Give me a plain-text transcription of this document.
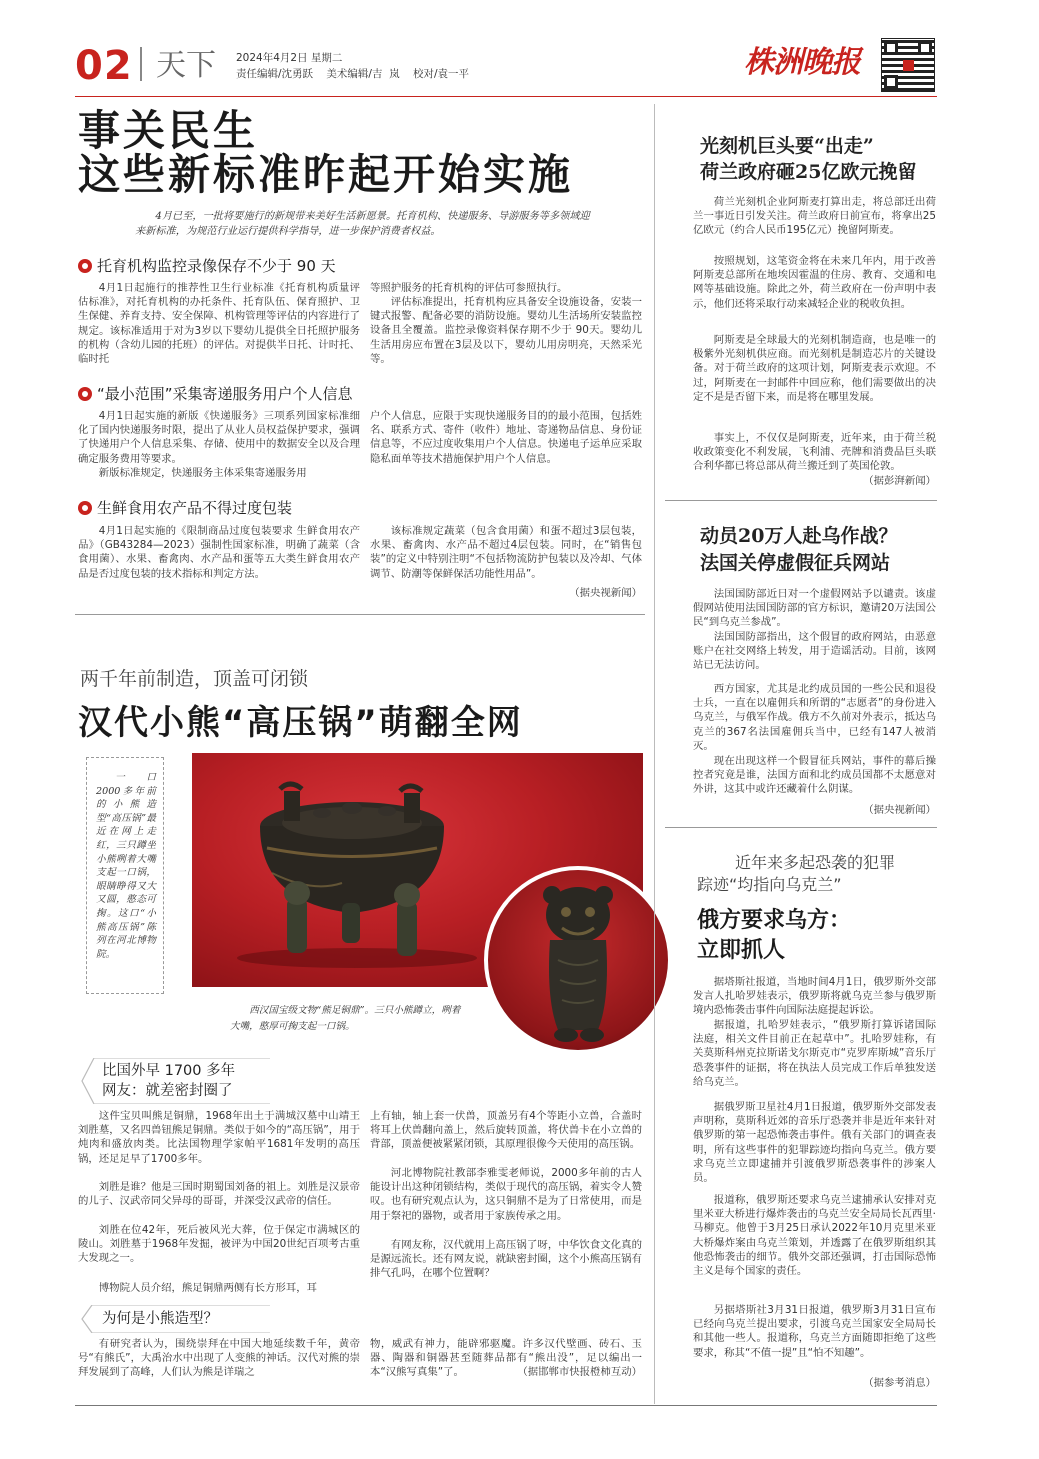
02 天下 2024年4月2日 星期二
责任编辑/沈勇跃    美术编辑/吉  岚    校对/袁一平	株洲晚报
事关民生
这些新标准昨起开始实施
4月已至，一批将要施行的新规带来美好生活新愿景。托育机构、快递服务、导游服务等多领域迎来新标准，为规范行业运行提供科学指导，进一步保护消费者权益。
托育机构监控录像保存不少于 90 天
4月1日起施行的推荐性卫生行业标准《托育机构质量评估标准》，对托育机构的办托条件、托育队伍、保育照护、卫生保健、养育支持、安全保障、机构管理等评估的内容进行了规定。该标准适用于对为3岁以下婴幼儿提供全日托照护服务的机构（含幼儿园的托班）的评估。对提供半日托、计时托、临时托
等照护服务的托育机构的评估可参照执行。
评估标准提出，托育机构应具备安全设施设备，安装一键式报警、配备必要的消防设施。婴幼儿生活场所安装监控设备且全覆盖。监控录像资料保存期不少于 90天。婴幼儿生活用房应布置在3层及以下，婴幼儿用房明亮，天然采光等。
“最小范围”采集寄递服务用户个人信息
4月1日起实施的新版《快递服务》三项系列国家标准细化了国内快递服务时限，提出了从业人员权益保护要求，强调了快递用户个人信息采集、存储、使用中的数据安全以及合理确定服务费用等要求。
新版标准规定，快递服务主体采集寄递服务用
户个人信息，应限于实现快递服务目的的最小范围，包括姓名、联系方式、寄件（收件）地址、寄递物品信息、身份证信息等，不应过度收集用户个人信息。快递电子运单应采取隐私面单等技术措施保护用户个人信息。
生鲜食用农产品不得过度包装
4月1日起实施的《限制商品过度包装要求 生鲜食用农产品》（GB43284—2023）强制性国家标准，明确了蔬菜（含食用菌）、水果、畜禽肉、水产品和蛋等五大类生鲜食用农产品是否过度包装的技术指标和判定方法。
该标准规定蔬菜（包含食用菌）和蛋不超过3层包装，水果、畜禽肉、水产品不超过4层包装。同时，在“销售包装”的定义中特别注明“不包括物流防护包装以及冷却、气体调节、防潮等保鲜保活功能性用品”。
（据央视新闻）
两千年前制造，顶盖可闭锁
汉代小熊“高压锅”萌翻全网
一口2000多年前的小熊造型“高压锅”最近在网上走红，三只蹲坐小熊咧着大嘴支起一口锅，眼睛睁得又大又圆，憨态可掬。这口“小熊高压锅”陈列在河北博物院。
西汉国宝级文物“熊足铜鼎”。三只小熊蹲立，咧着大嘴，憨厚可掬支起一口锅。
比国外早 1700 多年
网友：就差密封圈了
这件宝贝叫熊足铜鼎，1968年出土于满城汉墓中山靖王刘胜墓，又名四兽钮熊足铜鼎。类似于如今的“高压锅”，用于炖肉和盛放肉类。比法国物理学家帕平1681年发明的高压锅，还足足早了1700多年。
刘胜是谁？他是三国时期蜀国刘备的祖上。刘胜是汉景帝的儿子、汉武帝同父异母的哥哥，并深受汉武帝的信任。
刘胜在位42年，死后被风光大葬，位于保定市满城区的陵山。刘胜墓于1968年发掘，被评为中国20世纪百项考古重大发现之一。
博物院人员介绍，熊足铜鼎两侧有长方形耳，耳
上有轴，轴上套一伏兽，顶盖另有4个等距小立兽，合盖时将耳上伏兽翻向盖上，然后旋转顶盖，将伏兽卡在小立兽的背部，顶盖便被紧紧闭锁，其原理很像今天使用的高压锅。
河北博物院社教部李雅雯老师说，2000多年前的古人能设计出这种闭锁结构，类似于现代的高压锅，着实令人赞叹。也有研究观点认为，这只铜鼎不是为了日常使用，而是用于祭祀的器物，或者用于家族传承之用。
有网友称，汉代就用上高压锅了呀，中华饮食文化真的是源远流长。还有网友说，就缺密封圈，这个小熊高压锅有排气孔吗，在哪个位置啊？
为何是小熊造型？
有研究者认为，围绕崇拜在中国大地延续数千年，黄帝号“有熊氏”，大禹治水中出现了人变熊的神话。汉代对熊的崇拜发展到了高峰，人们认为熊是详瑞之
物，威武有神力，能辟邪驱魔。许多汉代壁画、砖石、玉器、陶器和铜器甚至随葬品都有“熊出没”，足以编出一本“汉熊写真集”了。	（据邯郸市快报橙柿互动）
光刻机巨头要“出走”
荷兰政府砸25亿欧元挽留
荷兰光刻机企业阿斯麦打算出走，将总部迁出荷兰一事近日引发关注。荷兰政府日前宣布，将拿出25亿欧元（约合人民币195亿元）挽留阿斯麦。
按照规划，这笔资金将在未来几年内，用于改善阿斯麦总部所在地埃因霍温的住房、教育、交通和电网等基础设施。除此之外，荷兰政府在一份声明中表示，他们还将采取行动来减轻企业的税收负担。
阿斯麦是全球最大的光刻机制造商，也是唯一的极紫外光刻机供应商。而光刻机是制造芯片的关键设备。对于荷兰政府的这项计划，阿斯麦表示欢迎。不过，阿斯麦在一封邮件中回应称，他们需要做出的决定不是是否留下来，而是将在哪里发展。
事实上，不仅仅是阿斯麦，近年来，由于荷兰税收政策变化不利发展，飞利浦、壳牌和消费品巨头联合利华都已将总部从荷兰搬迁到了英国伦敦。
（据彭湃新闻）
动员20万人赴乌作战？
法国关停虚假征兵网站
法国国防部近日对一个虚假网站予以谴责。该虚假网站使用法国国防部的官方标识，邀请20万法国公民“到乌克兰参战”。
法国国防部指出，这个假冒的政府网站，由恶意账户在社交网络上转发，用于造谣活动。目前，该网站已无法访问。
西方国家，尤其是北约成员国的一些公民和退役士兵，一直在以雇佣兵和所谓的“志愿者”的身份进入乌克兰，与俄军作战。俄方不久前对外表示，抵达乌克兰的367名法国雇佣兵当中，已经有147人被消灭。
现在出现这样一个假冒征兵网站，事件的幕后操控者究竟是谁，法国方面和北约成员国都不太愿意对外讲，这其中或许还藏着什么阴谋。
（据央视新闻）
近年来多起恐袭的犯罪
踪迹“均指向乌克兰”
俄方要求乌方：
立即抓人
据塔斯社报道，当地时间4月1日，俄罗斯外交部发言人扎哈罗娃表示，俄罗斯将就乌克兰参与俄罗斯境内恐怖袭击事件向国际法庭提起诉讼。
据报道，扎哈罗娃表示，“俄罗斯打算诉诸国际法庭，相关文件目前正在起草中”。扎哈罗娃称，有关莫斯科州克拉斯诺戈尔斯克市“克罗库斯城”音乐厅恐袭事件的证据，将在执法人员完成工作后单独发送给乌克兰。
据俄罗斯卫星社4月1日报道，俄罗斯外交部发表声明称，莫斯科近郊的音乐厅恐袭并非是近年来针对俄罗斯的第一起恐怖袭击事件。俄有关部门的调查表明，所有这些事件的犯罪踪迹均指向乌克兰。俄方要求乌克兰立即逮捕并引渡俄罗斯恐袭事件的涉案人员。
报道称，俄罗斯还要求乌克兰逮捕承认安排对克里米亚大桥进行爆炸袭击的乌克兰安全局局长瓦西里·马柳克。他曾于3月25日承认2022年10月克里米亚大桥爆炸案由乌克兰策划，并透露了在俄罗斯组织其他恐怖袭击的细节。俄外交部还强调，打击国际恐怖主义是每个国家的责任。
另据塔斯社3月31日报道，俄罗斯3月31日宣布已经向乌克兰提出要求，引渡乌克兰国家安全局局长和其他一些人。报道称，乌克兰方面随即拒绝了这些要求，称其“不值一提”且“怕不知趣”。
（据参考消息）
